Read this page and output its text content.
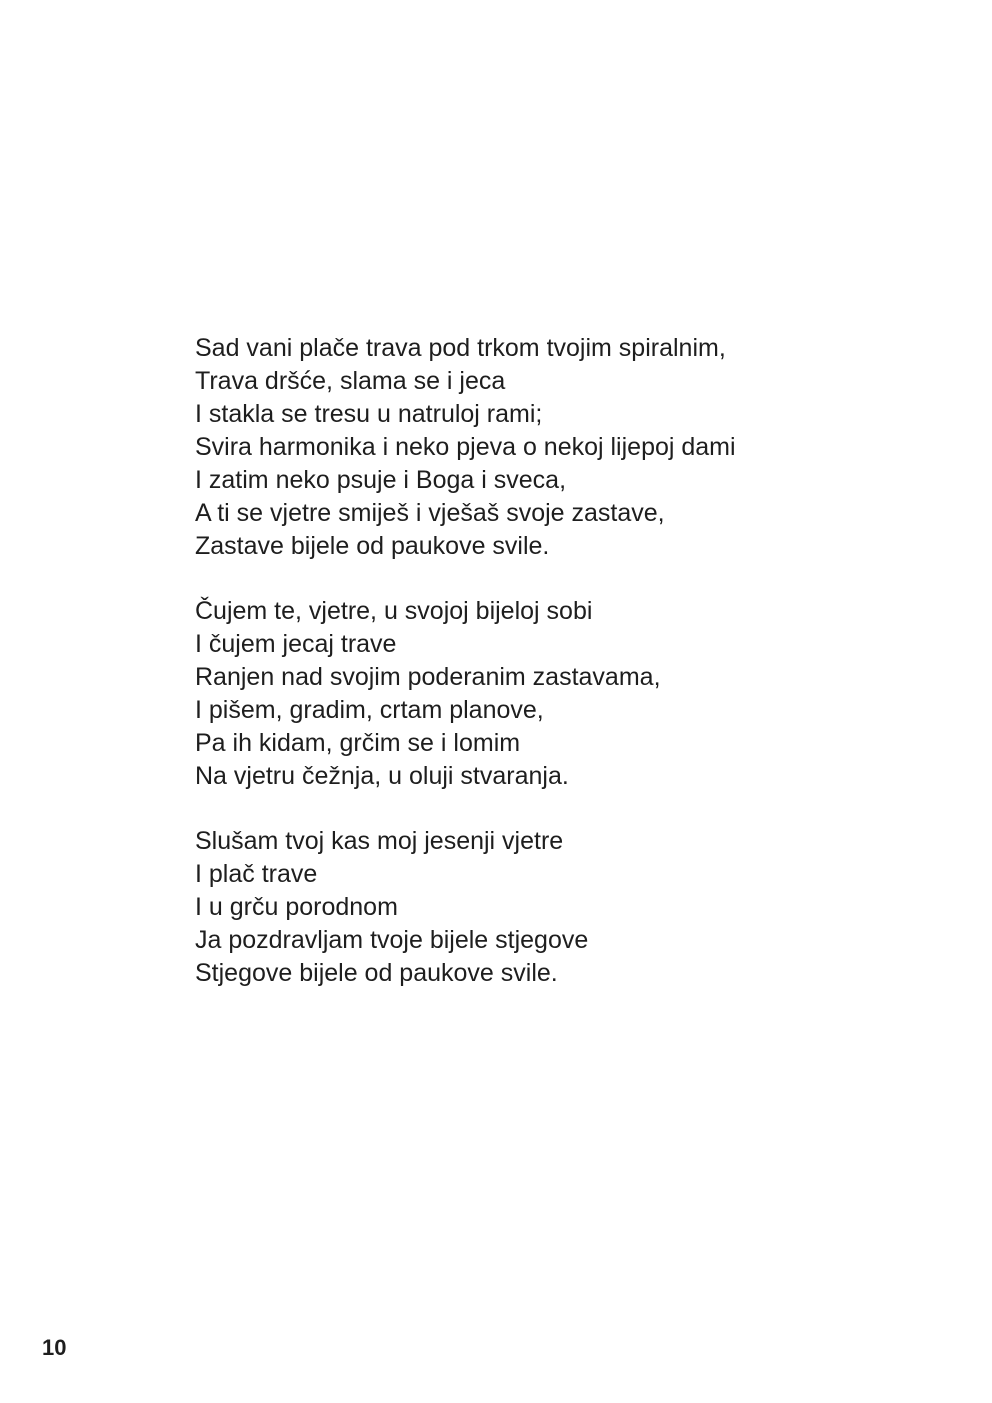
Sad vani plače trava pod trkom tvojim spiralnim,
Trava dršće, slama se i jeca
I stakla se tresu u natruloj rami;
Svira harmonika i neko pjeva o nekoj lijepoj dami
I zatim neko psuje i Boga i sveca,
A ti se vjetre smiješ i vješaš svoje zastave,
Zastave bijele od paukove svile.
Čujem te, vjetre, u svojoj bijeloj sobi
I čujem jecaj trave
Ranjen nad svojim poderanim zastavama,
I pišem, gradim, crtam planove,
Pa ih kidam, grčim se i lomim
Na vjetru čežnja, u oluji stvaranja.
Slušam tvoj kas moj jesenji vjetre
I plač trave
I u grču porodnom
Ja pozdravljam tvoje bijele stjegove
Stjegove bijele od paukove svile.
10
